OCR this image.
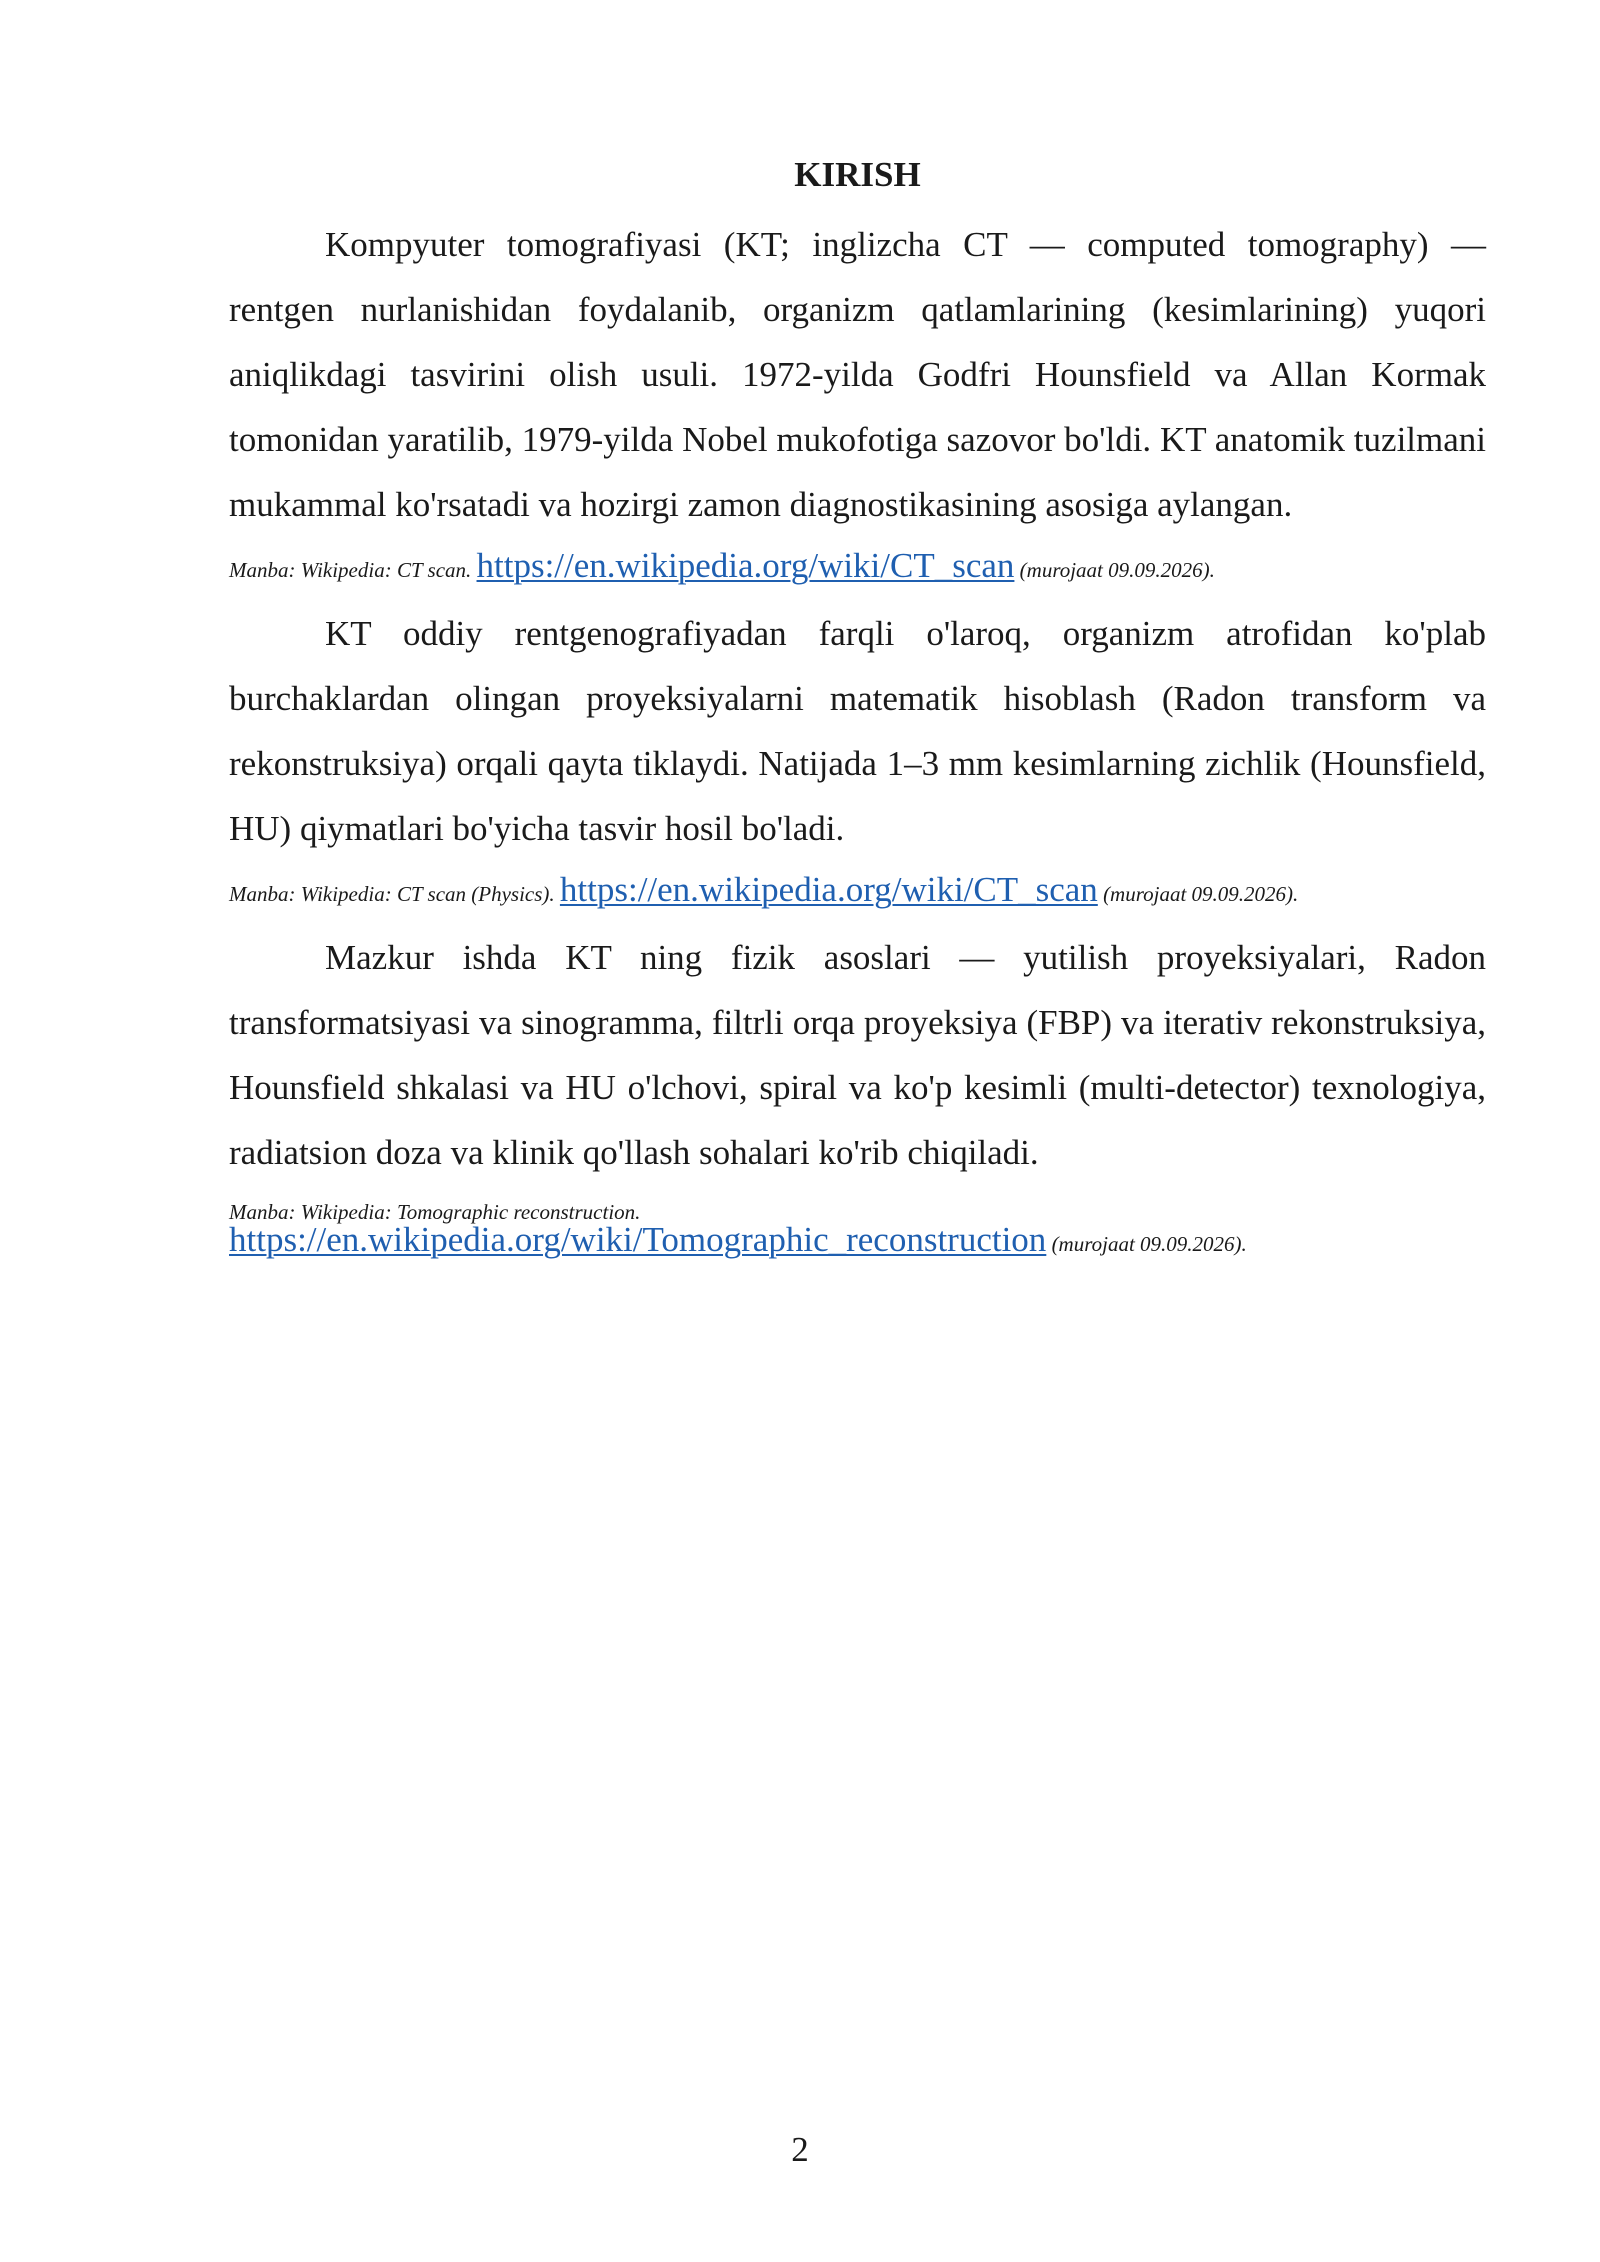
KIRISH

Kompyuter tomografiyasi (KT; inglizcha CT — computed tomography) — rentgen nurlanishidan foydalanib, organizm qatlamlarining (kesimlarining) yuqori aniqlikdagi tasvirini olish usuli. 1972-yilda Godfri Hounsfield va Allan Kormak tomonidan yaratilib, 1979-yilda Nobel mukofotiga sazovor bo'ldi. KT anatomik tuzilmani mukammal ko'rsatadi va hozirgi zamon diagnostikasining asosiga aylangan.

Manba: Wikipedia: CT scan. https://en.wikipedia.org/wiki/CT_scan (murojaat 09.09.2026).

KT oddiy rentgenografiyadan farqli o'laroq, organizm atrofidan ko'plab burchaklardan olingan proyeksiyalarni matematik hisoblash (Radon transform va rekonstruksiya) orqali qayta tiklaydi. Natijada 1–3 mm kesimlarning zichlik (Hounsfield, HU) qiymatlari bo'yicha tasvir hosil bo'ladi.

Manba: Wikipedia: CT scan (Physics). https://en.wikipedia.org/wiki/CT_scan (murojaat 09.09.2026).

Mazkur ishda KT ning fizik asoslari — yutilish proyeksiyalari, Radon transformatsiyasi va sinogramma, filtrli orqa proyeksiya (FBP) va iterativ rekonstruksiya, Hounsfield shkalasi va HU o'lchovi, spiral va ko'p kesimli (multi-detector) texnologiya, radiatsion doza va klinik qo'llash sohalari ko'rib chiqiladi.

Manba: Wikipedia: Tomographic reconstruction.
https://en.wikipedia.org/wiki/Tomographic_reconstruction (murojaat 09.09.2026).
2
